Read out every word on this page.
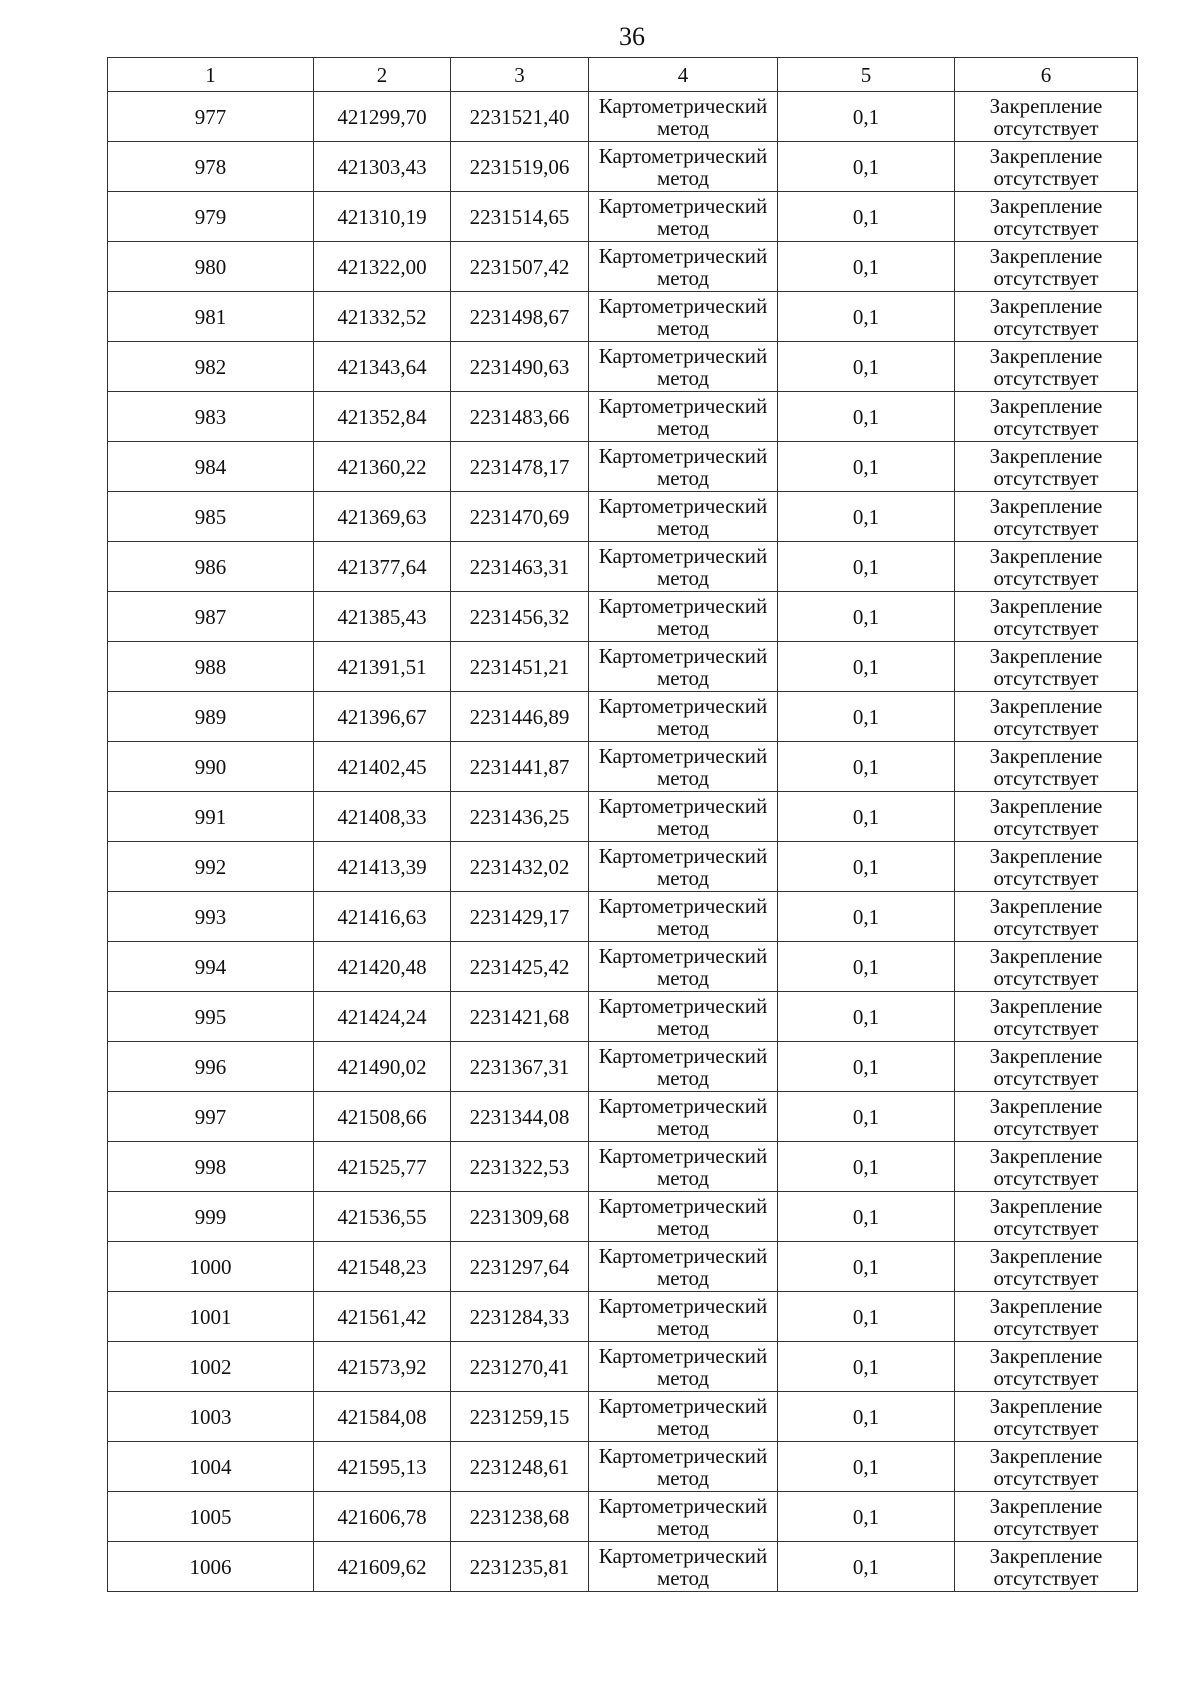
36
1	2	3	4	5	6
977	421299,70	2231521,40	Картометрический метод	0,1	Закрепление отсутствует
978	421303,43	2231519,06	Картометрический метод	0,1	Закрепление отсутствует
979	421310,19	2231514,65	Картометрический метод	0,1	Закрепление отсутствует
980	421322,00	2231507,42	Картометрический метод	0,1	Закрепление отсутствует
981	421332,52	2231498,67	Картометрический метод	0,1	Закрепление отсутствует
982	421343,64	2231490,63	Картометрический метод	0,1	Закрепление отсутствует
983	421352,84	2231483,66	Картометрический метод	0,1	Закрепление отсутствует
984	421360,22	2231478,17	Картометрический метод	0,1	Закрепление отсутствует
985	421369,63	2231470,69	Картометрический метод	0,1	Закрепление отсутствует
986	421377,64	2231463,31	Картометрический метод	0,1	Закрепление отсутствует
987	421385,43	2231456,32	Картометрический метод	0,1	Закрепление отсутствует
988	421391,51	2231451,21	Картометрический метод	0,1	Закрепление отсутствует
989	421396,67	2231446,89	Картометрический метод	0,1	Закрепление отсутствует
990	421402,45	2231441,87	Картометрический метод	0,1	Закрепление отсутствует
991	421408,33	2231436,25	Картометрический метод	0,1	Закрепление отсутствует
992	421413,39	2231432,02	Картометрический метод	0,1	Закрепление отсутствует
993	421416,63	2231429,17	Картометрический метод	0,1	Закрепление отсутствует
994	421420,48	2231425,42	Картометрический метод	0,1	Закрепление отсутствует
995	421424,24	2231421,68	Картометрический метод	0,1	Закрепление отсутствует
996	421490,02	2231367,31	Картометрический метод	0,1	Закрепление отсутствует
997	421508,66	2231344,08	Картометрический метод	0,1	Закрепление отсутствует
998	421525,77	2231322,53	Картометрический метод	0,1	Закрепление отсутствует
999	421536,55	2231309,68	Картометрический метод	0,1	Закрепление отсутствует
1000	421548,23	2231297,64	Картометрический метод	0,1	Закрепление отсутствует
1001	421561,42	2231284,33	Картометрический метод	0,1	Закрепление отсутствует
1002	421573,92	2231270,41	Картометрический метод	0,1	Закрепление отсутствует
1003	421584,08	2231259,15	Картометрический метод	0,1	Закрепление отсутствует
1004	421595,13	2231248,61	Картометрический метод	0,1	Закрепление отсутствует
1005	421606,78	2231238,68	Картометрический метод	0,1	Закрепление отсутствует
1006	421609,62	2231235,81	Картометрический метод	0,1	Закрепление отсутствует
